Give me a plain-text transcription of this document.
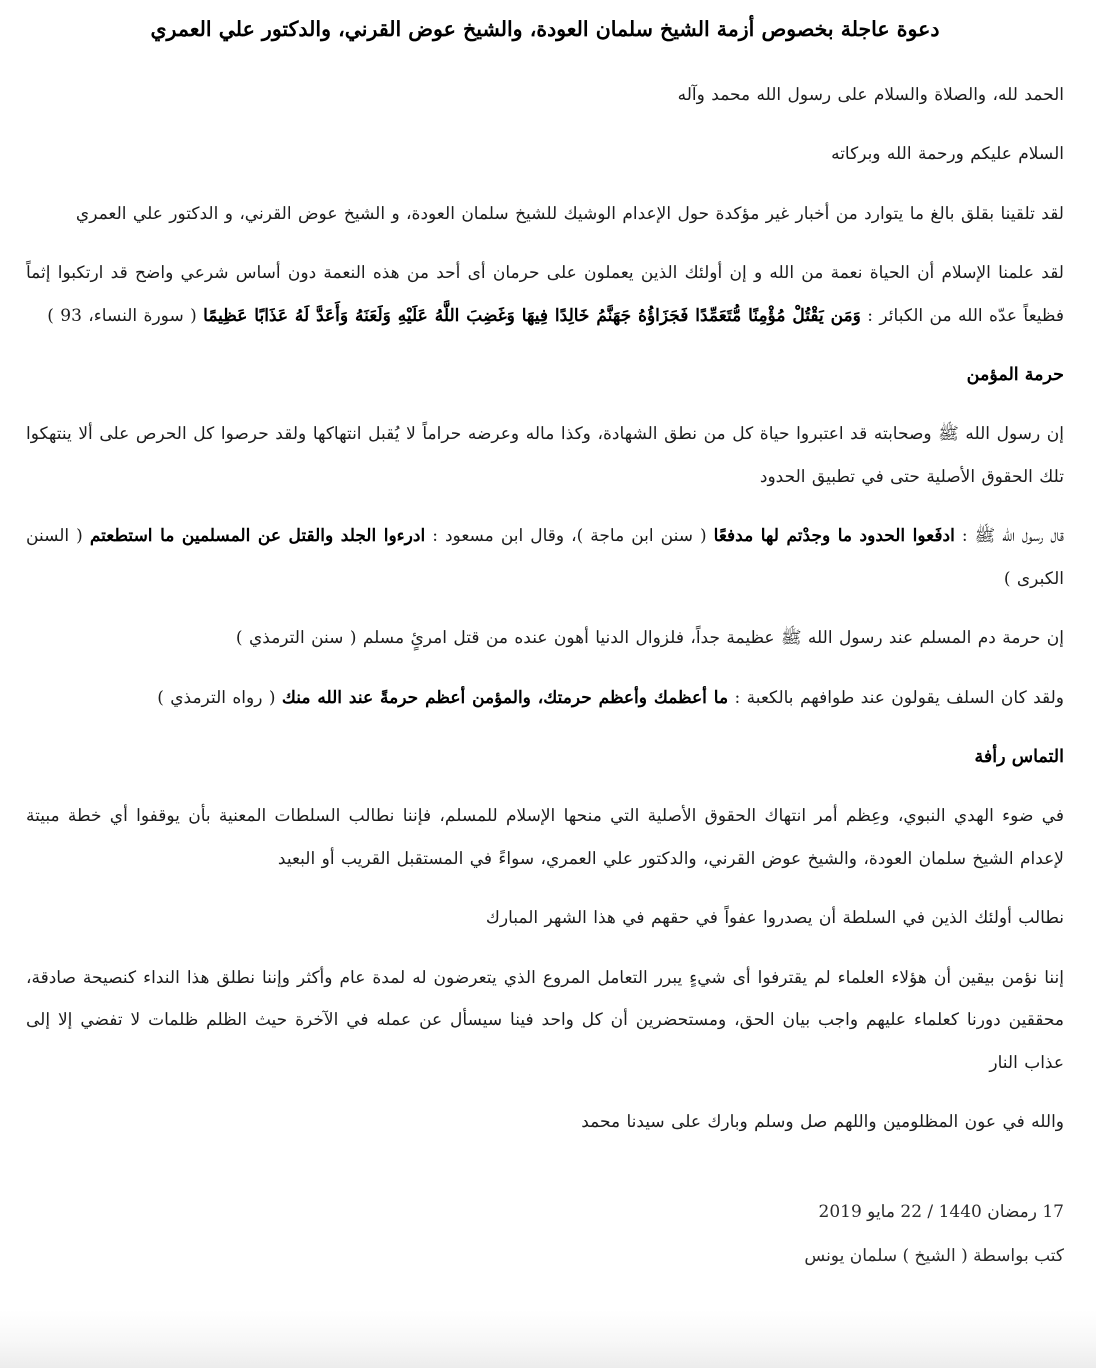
دعوة عاجلة بخصوص أزمة الشيخ سلمان العودة، والشيخ عوض القرني، والدكتور علي العمري

الحمد لله، والصلاة والسلام على رسول الله محمد وآله

السلام عليكم ورحمة الله وبركاته

لقد تلقينا بقلق بالغ ما يتوارد من أخبار غير مؤكدة حول الإعدام الوشيك للشيخ سلمان العودة، و الشيخ عوض القرني، و الدكتور علي العمري

لقد علمنا الإسلام أن الحياة نعمة من الله و إن أولئك الذين يعملون على حرمان أى أحد من هذه النعمة دون أساس شرعي واضح قد ارتكبوا إثماً فظيعاً عدّه الله من الكبائر : وَمَن يَقْتُلْ مُؤْمِنًا مُّتَعَمِّدًا فَجَزَاؤُهُ جَهَنَّمُ خَالِدًا فِيهَا وَغَضِبَ اللَّهُ عَلَيْهِ وَلَعَنَهُ وَأَعَدَّ لَهُ عَذَابًا عَظِيمًا ( سورة النساء، 93 )

حرمة المؤمن

إن رسول الله ﷺ وصحابته قد اعتبروا حياة كل من نطق الشهادة، وكذا ماله وعرضه حراماً لا يُقبل انتهاكها ولقد حرصوا كل الحرص على ألا ينتهكوا تلك الحقوق الأصلية حتى في تطبيق الحدود

قال رسول الله ﷺ : ادفَعوا الحدود ما وجدْتم لها مدفعًا ( سنن ابن ماجة )، وقال ابن مسعود : ادرءوا الجلد والقتل عن المسلمين ما استطعتم ( السنن الكبرى )

إن حرمة دم المسلم عند رسول الله ﷺ عظيمة جداً، فلزوال الدنيا أهون عنده من قتل امرئٍ مسلم ( سنن الترمذي )

ولقد كان السلف يقولون عند طوافهم بالكعبة : ما أعظمك وأعظم حرمتك، والمؤمن أعظم حرمةً عند الله منك ( رواه الترمذي )

التماس رأفة

في ضوء الهدي النبوي، وعِظم أمر انتهاك الحقوق الأصلية التي منحها الإسلام للمسلم، فإننا نطالب السلطات المعنية بأن يوقفوا أي خطة مبيتة لإعدام الشيخ سلمان العودة، والشيخ عوض القرني، والدكتور علي العمري، سواءً في المستقبل القريب أو البعيد

نطالب أولئك الذين في السلطة أن يصدروا عفواً في حقهم في هذا الشهر المبارك

إننا نؤمن بيقين أن هؤلاء العلماء لم يقترفوا أى شيءٍ يبرر التعامل المروع الذي يتعرضون له لمدة عام وأكثر وإننا نطلق هذا النداء كنصيحة صادقة، محققين دورنا كعلماء عليهم واجب بيان الحق، ومستحضرين أن كل واحد فينا سيسأل عن عمله في الآخرة حيث الظلم ظلمات لا تفضي إلا إلى عذاب النار

والله في عون المظلومين واللهم صل وسلم وبارك على سيدنا محمد

17 رمضان 1440 / 22 مايو 2019
كتب بواسطة ( الشيخ ) سلمان يونس
